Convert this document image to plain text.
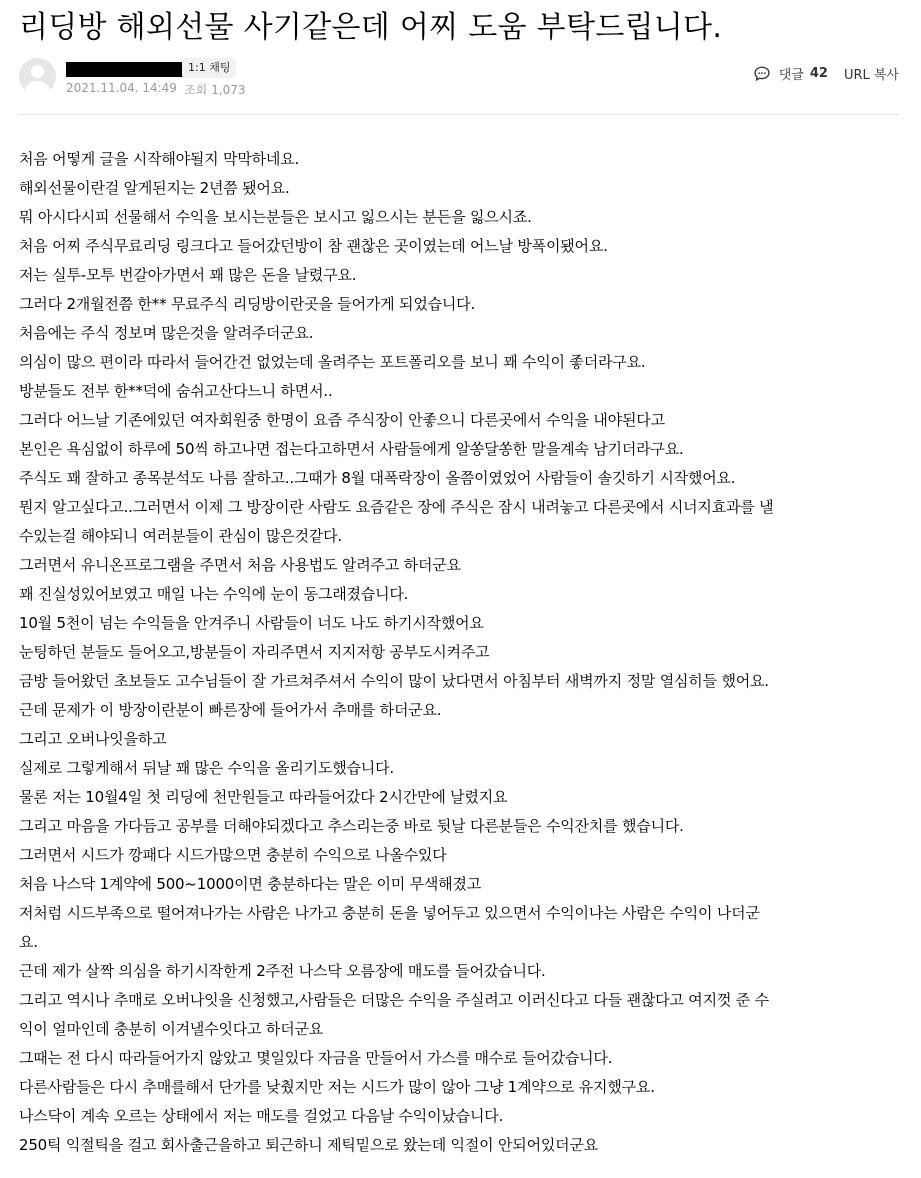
리딩방 해외선물 사기같은데 어찌 도움 부탁드립니다.
1:1 채팅
2021.11.04. 14:49 조회 1,073
댓글 42 URL 복사
처음 어떻게 글을 시작해야될지 막막하네요.
해외선물이란걸 알게된지는 2년쯤 됐어요.
뭐 아시다시피 선물해서 수익을 보시는분들은 보시고 잃으시는 분든을 잃으시죠.
처음 어찌 주식무료리딩 링크다고 들어갔던방이 참 괜찮은 곳이였는데 어느날 방폭이됐어요.
저는 실투-모투 번갈아가면서 꽤 많은 돈을 날렸구요.
그러다 2개월전쯤 한** 무료주식 리딩방이란곳을 들어가게 되었습니다.
처음에는 주식 정보며 많은것을 알려주더군요.
의심이 많으 편이라 따라서 들어간건 없었는데 올려주는 포트폴리오를 보니 꽤 수익이 좋더라구요.
방분들도 전부 한**덕에 숨쉬고산다느니 하면서..
그러다 어느날 기존에있던 여자회원중 한명이 요즘 주식장이 안좋으니 다른곳에서 수익을 내야된다고
본인은 욕심없이 하루에 50씩 하고나면 접는다고하면서 사람들에게 알쏭달쏭한 말을계속 남기더라구요.
주식도 꽤 잘하고 종목분석도 나름 잘하고..그때가 8월 대폭락장이 올쯤이였었어 사람들이 솔깃하기 시작했어요.
뭔지 알고싶다고..그러면서 이제 그 방장이란 사람도 요즘같은 장에 주식은 잠시 내려놓고 다른곳에서 시너지효과를 낼
수있는걸 해야되니 여러분들이 관심이 많은것같다.
그러면서 유니온프로그램을 주면서 처음 사용법도 알려주고 하더군요
꽤 진실성있어보였고 매일 나는 수익에 눈이 동그래졌습니다.
10월 5천이 넘는 수익들을 안겨주니 사람들이 너도 나도 하기시작했어요
눈팅하던 분들도 들어오고,방분들이 자리주면서 지지저항 공부도시켜주고
금방 들어왔던 초보들도 고수님들이 잘 가르쳐주셔서 수익이 많이 났다면서 아침부터 새벽까지 정말 열심히들 했어요.
근데 문제가 이 방장이란분이 빠른장에 들어가서 추매를 하더군요.
그리고 오버나잇을하고
실제로 그렇게해서 뒤날 꽤 많은 수익을 올리기도했습니다.
물론 저는 10월4일 첫 리딩에 천만원들고 따라들어갔다 2시간만에 날렸지요
그리고 마음을 가다듬고 공부를 더해야되겠다고 추스리는중 바로 뒷날 다른분들은 수익잔치를 했습니다.
그러면서 시드가 깡패다 시드가많으면 충분히 수익으로 나올수있다
처음 나스닥 1계약에 500~1000이면 충분하다는 말은 이미 무색해졌고
저처럼 시드부족으로 떨어져나가는 사람은 나가고 충분히 돈을 넣어두고 있으면서 수익이나는 사람은 수익이 나더군
요.
근데 제가 살짝 의심을 하기시작한게 2주전 나스닥 오름장에 매도를 들어갔습니다.
그리고 역시나 추매로 오버나잇을 신청했고,사람들은 더많은 수익을 주실려고 이러신다고 다들 괜찮다고 여지껏 준 수
익이 얼마인데 충분히 이겨낼수잇다고 하더군요
그때는 전 다시 따라들어가지 않았고 몇일있다 자금을 만들어서 가스를 매수로 들어갔습니다.
다른사람들은 다시 추매를해서 단가를 낮췄지만 저는 시드가 많이 않아 그냥 1계약으로 유지했구요.
나스닥이 계속 오르는 상태에서 저는 매도를 걸었고 다음날 수익이났습니다.
250틱 익절틱을 걸고 회사출근을하고 퇴근하니 제틱밑으로 왔는데 익절이 안되어있더군요
